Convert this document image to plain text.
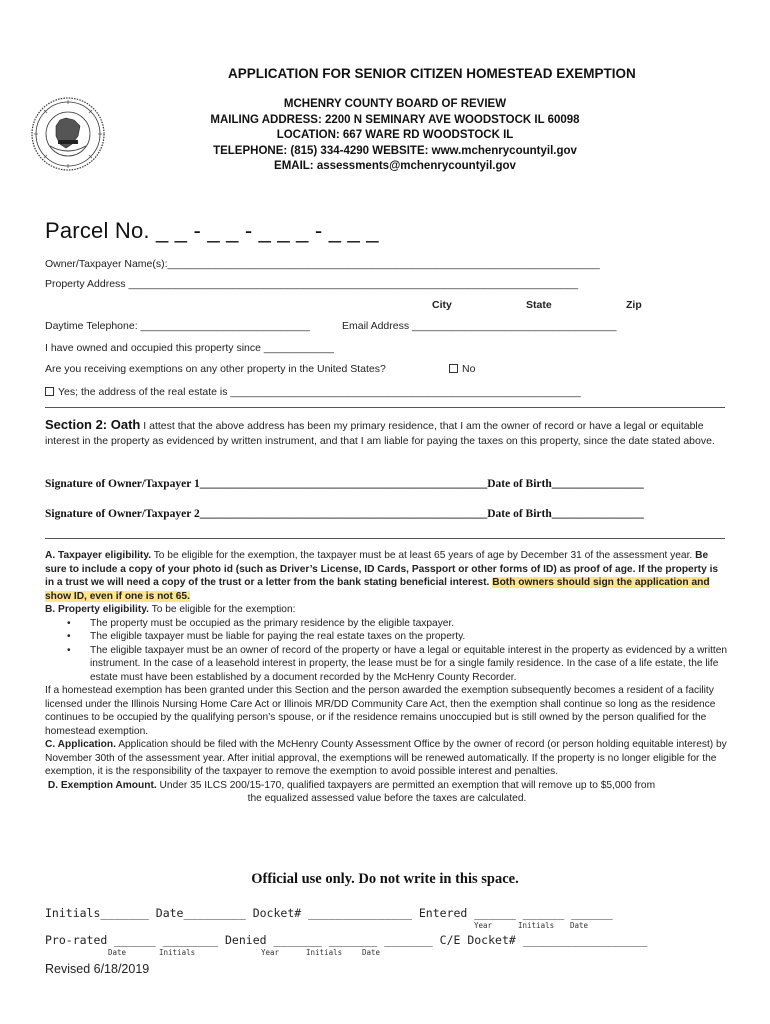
APPLICATION FOR SENIOR CITIZEN HOMESTEAD EXEMPTION
MCHENRY COUNTY BOARD OF REVIEW
MAILING ADDRESS: 2200 N SEMINARY AVE WOODSTOCK IL 60098
LOCATION: 667 WARE RD WOODSTOCK IL
TELEPHONE: (815) 334-4290 WEBSITE: www.mchenrycountyil.gov
EMAIL: assessments@mchenrycountyil.gov
Parcel No. _ _ - _ _ - _ _ _ - _ _ _
Owner/Taxpayer Name(s):__________________________________________________________________________
Property Address _____________________________________________________________________________
City	State	Zip
Daytime Telephone: _____________________________	Email Address ___________________________________
I have owned and occupied this property since ____________
Are you receiving exemptions on any other property in the United States?	No
Yes; the address of the real estate is ____________________________________________________________
Section 2: Oath I attest that the above address has been my primary residence, that I am the owner of record or have a legal or equitable interest in the property as evidenced by written instrument, and that I am liable for paying the taxes on this property, since the date stated above.
Signature of Owner/Taxpayer 1__________________________________________________Date of Birth________________
Signature of Owner/Taxpayer 2__________________________________________________Date of Birth________________

A. Taxpayer eligibility. To be eligible for the exemption, the taxpayer must be at least 65 years of age by December 31 of the assessment year. Be sure to include a copy of your photo id (such as Driver’s License, ID Cards, Passport or other forms of ID) as proof of age. If the property is in a trust we will need a copy of the trust or a letter from the bank stating beneficial interest. Both owners should sign the application and show ID, even if one is not 65.

B. Property eligibility. To be eligible for the exemption:

• The property must be occupied as the primary residence by the eligible taxpayer.
• The eligible taxpayer must be liable for paying the real estate taxes on the property.
• The eligible taxpayer must be an owner of record of the property or have a legal or equitable interest in the property as evidenced by a written instrument. In the case of a leasehold interest in property, the lease must be for a single family residence. In the case of a life estate, the life estate must have been established by a document recorded by the McHenry County Recorder.

If a homestead exemption has been granted under this Section and the person awarded the exemption subsequently becomes a resident of a facility licensed under the Illinois Nursing Home Care Act or Illinois MR/DD Community Care Act, then the exemption shall continue so long as the residence continues to be occupied by the qualifying person’s spouse, or if the residence remains unoccupied but is still owned by the person qualified for the homestead exemption.

C. Application. Application should be filed with the McHenry County Assessment Office by the owner of record (or person holding equitable interest) by November 30th of the assessment year. After initial approval, the exemptions will be renewed automatically. If the property is no longer eligible for the exemption, it is the responsibility of the taxpayer to remove the exemption to avoid possible interest and penalties.

D. Exemption Amount. Under 35 ILCS 200/15-170, qualified taxpayers are permitted an exemption that will remove up to $5,000 from

the equalized assessed value before the taxes are calculated.

Official use only. Do not write in this space.
Initials_______ Date_________ Docket# _______________ Entered ______ ______ ______
Year	Initials Date
Pro-rated ______ ________ Denied _______ _______ _______ C/E Docket# __________________
Date	Initials	Year	Initials	Date
Revised 6/18/2019
